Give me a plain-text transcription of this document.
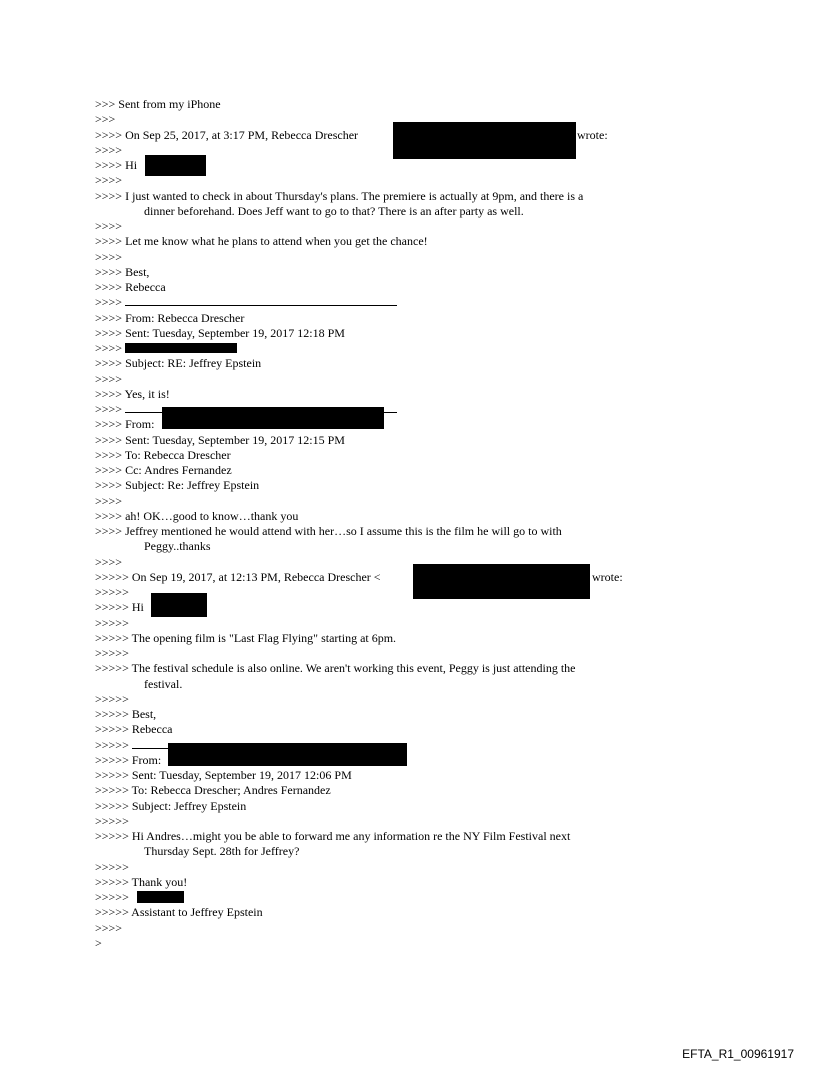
>>> Sent from my iPhone
>>>
>>>> On Sep 25, 2017, at 3:17 PM, Rebecca Drescher	wrote:
>>>>
>>>> Hi
>>>>
>>>> I just wanted to check in about Thursday's plans. The premiere is actually at 9pm, and there is a
dinner beforehand. Does Jeff want to go to that? There is an after party as well.
>>>>
>>>> Let me know what he plans to attend when you get the chance!
>>>>
>>>> Best,
>>>> Rebecca
>>>>
>>>> From: Rebecca Drescher
>>>> Sent: Tuesday, September 19, 2017 12:18 PM
>>>>
>>>> Subject: RE: Jeffrey Epstein
>>>>
>>>> Yes, it is!
>>>>
>>>> From:
>>>> Sent: Tuesday, September 19, 2017 12:15 PM
>>>> To: Rebecca Drescher
>>>> Cc: Andres Fernandez
>>>> Subject: Re: Jeffrey Epstein
>>>>
>>>> ah! OK…good to know…thank you
>>>> Jeffrey mentioned he would attend with her…so I assume this is the film he will go to with
Peggy..thanks
>>>>
>>>>> On Sep 19, 2017, at 12:13 PM, Rebecca Drescher <	wrote:
>>>>>
>>>>> Hi
>>>>>
>>>>> The opening film is "Last Flag Flying" starting at 6pm.
>>>>>
>>>>> The festival schedule is also online. We aren't working this event, Peggy is just attending the
festival.
>>>>>
>>>>> Best,
>>>>> Rebecca
>>>>>
>>>>> From:
>>>>> Sent: Tuesday, September 19, 2017 12:06 PM
>>>>> To: Rebecca Drescher; Andres Fernandez
>>>>> Subject: Jeffrey Epstein
>>>>>
>>>>> Hi Andres…might you be able to forward me any information re the NY Film Festival next
Thursday Sept. 28th for Jeffrey?
>>>>>
>>>>> Thank you!
>>>>>
>>>>> Assistant to Jeffrey Epstein
>>>>
>
EFTA_R1_00961917
